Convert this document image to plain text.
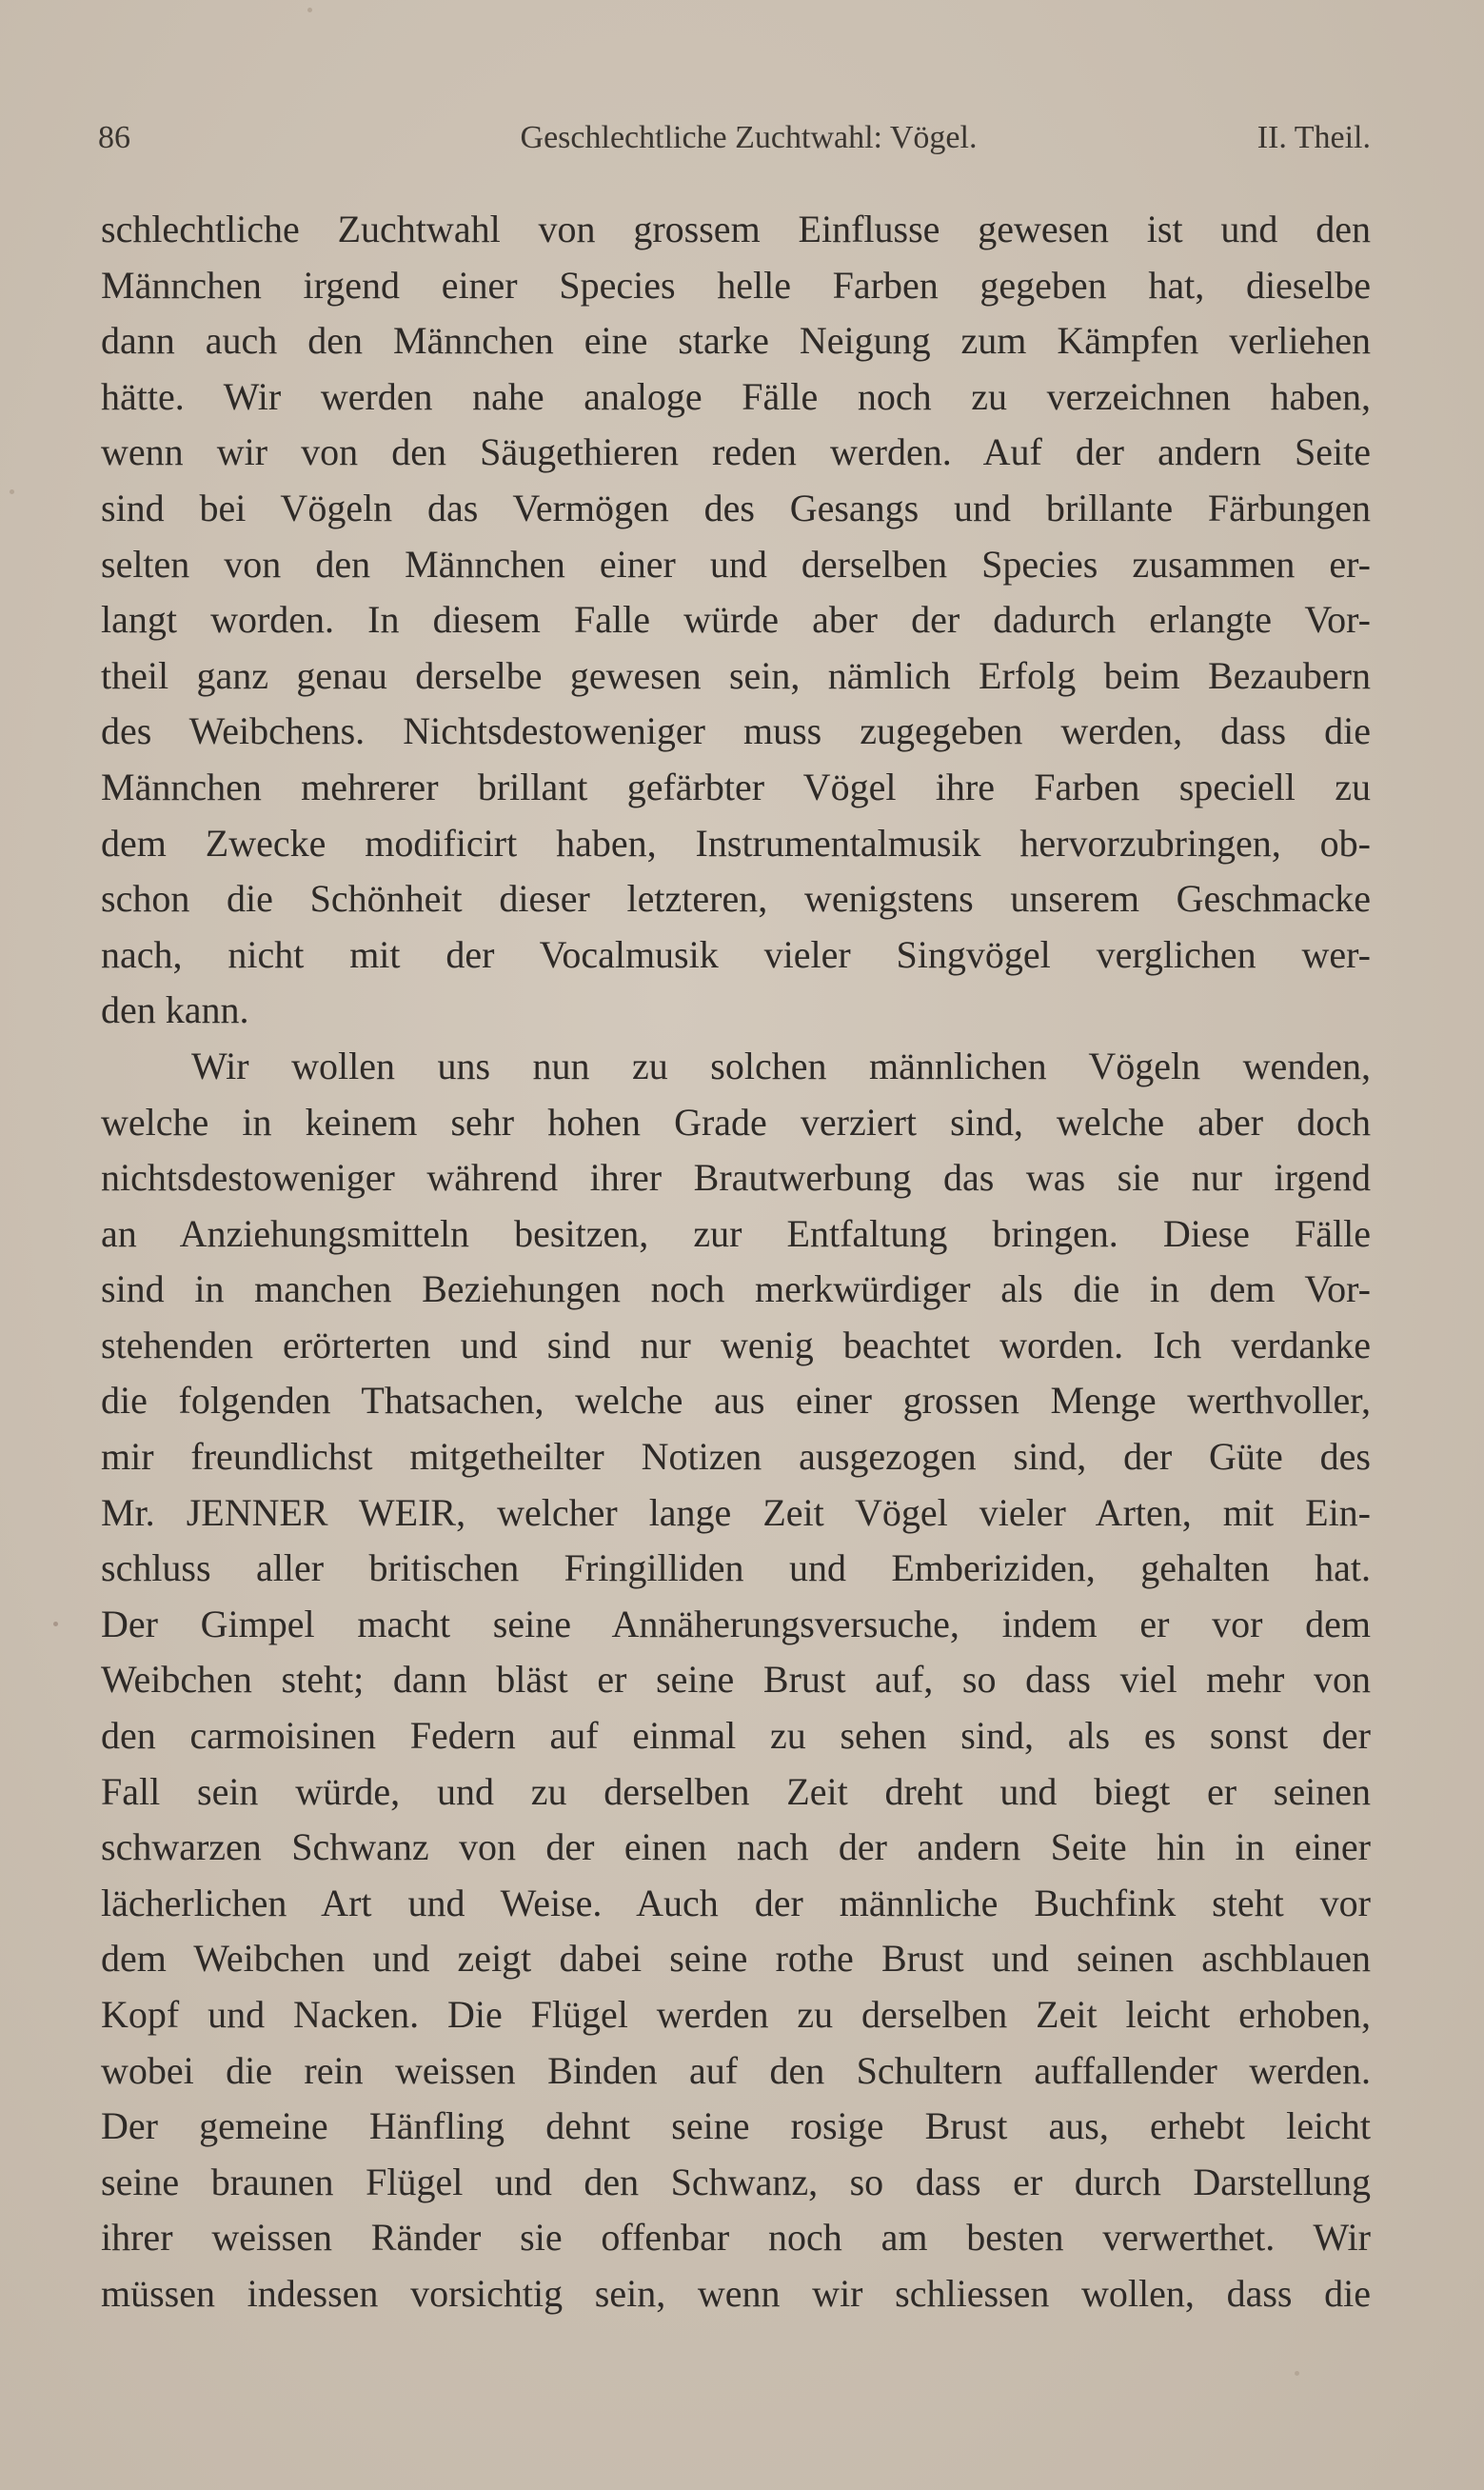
86	Geschlechtliche Zuchtwahl: Vögel.	II. Theil.
schlechtliche Zuchtwahl von grossem Einflusse gewesen ist und den
Männchen irgend einer Species helle Farben gegeben hat, dieselbe
dann auch den Männchen eine starke Neigung zum Kämpfen verliehen
hätte. Wir werden nahe analoge Fälle noch zu verzeichnen haben,
wenn wir von den Säugethieren reden werden. Auf der andern Seite
sind bei Vögeln das Vermögen des Gesangs und brillante Färbungen
selten von den Männchen einer und derselben Species zusammen er-
langt worden. In diesem Falle würde aber der dadurch erlangte Vor-
theil ganz genau derselbe gewesen sein, nämlich Erfolg beim Bezaubern
des Weibchens. Nichtsdestoweniger muss zugegeben werden, dass die
Männchen mehrerer brillant gefärbter Vögel ihre Farben speciell zu
dem Zwecke modificirt haben, Instrumentalmusik hervorzubringen, ob-
schon die Schönheit dieser letzteren, wenigstens unserem Geschmacke
nach, nicht mit der Vocalmusik vieler Singvögel verglichen wer-
den kann.
Wir wollen uns nun zu solchen männlichen Vögeln wenden,
welche in keinem sehr hohen Grade verziert sind, welche aber doch
nichtsdestoweniger während ihrer Brautwerbung das was sie nur irgend
an Anziehungsmitteln besitzen, zur Entfaltung bringen. Diese Fälle
sind in manchen Beziehungen noch merkwürdiger als die in dem Vor-
stehenden erörterten und sind nur wenig beachtet worden. Ich verdanke
die folgenden Thatsachen, welche aus einer grossen Menge werthvoller,
mir freundlichst mitgetheilter Notizen ausgezogen sind, der Güte des
Mr. JENNER WEIR, welcher lange Zeit Vögel vieler Arten, mit Ein-
schluss aller britischen Fringilliden und Emberiziden, gehalten hat.
Der Gimpel macht seine Annäherungsversuche, indem er vor dem
Weibchen steht; dann bläst er seine Brust auf, so dass viel mehr von
den carmoisinen Federn auf einmal zu sehen sind, als es sonst der
Fall sein würde, und zu derselben Zeit dreht und biegt er seinen
schwarzen Schwanz von der einen nach der andern Seite hin in einer
lächerlichen Art und Weise. Auch der männliche Buchfink steht vor
dem Weibchen und zeigt dabei seine rothe Brust und seinen aschblauen
Kopf und Nacken. Die Flügel werden zu derselben Zeit leicht erhoben,
wobei die rein weissen Binden auf den Schultern auffallender werden.
Der gemeine Hänfling dehnt seine rosige Brust aus, erhebt leicht
seine braunen Flügel und den Schwanz, so dass er durch Darstellung
ihrer weissen Ränder sie offenbar noch am besten verwerthet. Wir
müssen indessen vorsichtig sein, wenn wir schliessen wollen, dass die
